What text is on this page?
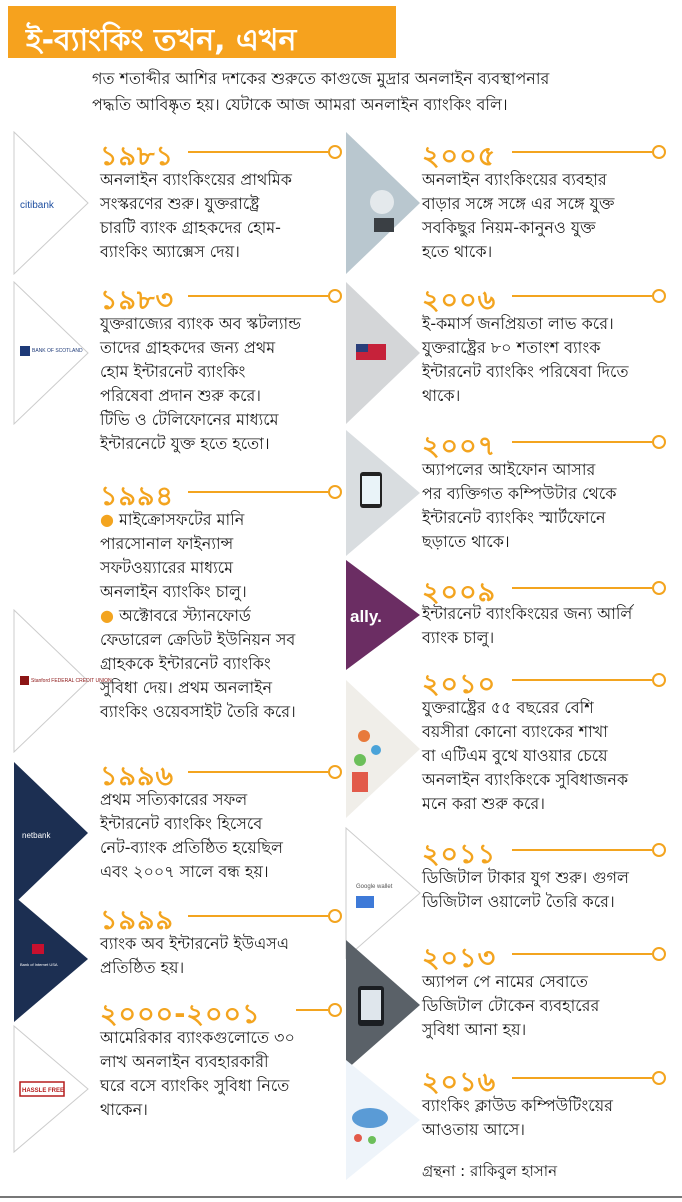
ই-ব্যাংকিং তখন, এখন
গত শতাব্দীর আশির দশকের শুরুতে কাগুজে মুদ্রার অনলাইন ব্যবস্থাপনার
পদ্ধতি আবিষ্কৃত হয়। যেটাকে আজ আমরা অনলাইন ব্যাংকিং বলি।
citibank
BANK OF SCOTLAND
Stanford FEDERAL CREDIT UNION
netbank
Bank of Internet USA
HASSLE FREE
ally.
Google wallet
১৯৮১
অনলাইন ব্যাংকিংয়ের প্রাথমিক
সংস্করণের শুরু। যুক্তরাষ্ট্রে
চারটি ব্যাংক গ্রাহকদের হোম-
ব্যাংকিং অ্যাক্সেস দেয়।
১৯৮৩
যুক্তরাজ্যের ব্যাংক অব স্কটল্যান্ড
তাদের গ্রাহকদের জন্য প্রথম
হোম ইন্টারনেট ব্যাংকিং
পরিষেবা প্রদান শুরু করে।
টিভি ও টেলিফোনের মাধ্যমে
ইন্টারনেটে যুক্ত হতে হতো।
১৯৯৪
● মাইক্রোসফটের মানি
পারসোনাল ফাইন্যান্স
সফটওয়্যারের মাধ্যমে
অনলাইন ব্যাংকিং চালু।
● অক্টোবরে স্ট্যানফোর্ড
ফেডারেল ক্রেডিট ইউনিয়ন সব
গ্রাহককে ইন্টারনেট ব্যাংকিং
সুবিধা দেয়। প্রথম অনলাইন
ব্যাংকিং ওয়েবসাইট তৈরি করে।
১৯৯৬
প্রথম সত্যিকারের সফল
ইন্টারনেট ব্যাংকিং হিসেবে
নেট-ব্যাংক প্রতিষ্ঠিত হয়েছিল
এবং ২০০৭ সালে বন্ধ হয়।
১৯৯৯
ব্যাংক অব ইন্টারনেট ইউএসএ
প্রতিষ্ঠিত হয়।
২০০০-২০০১
আমেরিকার ব্যাংকগুলোতে ৩০
লাখ অনলাইন ব্যবহারকারী
ঘরে বসে ব্যাংকিং সুবিধা নিতে
থাকেন।
২০০৫
অনলাইন ব্যাংকিংয়ের ব্যবহার
বাড়ার সঙ্গে সঙ্গে এর সঙ্গে যুক্ত
সবকিছুর নিয়ম-কানুনও যুক্ত
হতে থাকে।
২০০৬
ই-কমার্স জনপ্রিয়তা লাভ করে।
যুক্তরাষ্ট্রের ৮০ শতাংশ ব্যাংক
ইন্টারনেট ব্যাংকিং পরিষেবা দিতে
থাকে।
২০০৭
অ্যাপলের আইফোন আসার
পর ব্যক্তিগত কম্পিউটার থেকে
ইন্টারনেট ব্যাংকিং স্মার্টফোনে
ছড়াতে থাকে।
২০০৯
ইন্টারনেট ব্যাংকিংয়ের জন্য আর্লি
ব্যাংক চালু।
২০১০
যুক্তরাষ্ট্রের ৫৫ বছরের বেশি
বয়সীরা কোনো ব্যাংকের শাখা
বা এটিএম বুথে যাওয়ার চেয়ে
অনলাইন ব্যাংকিংকে সুবিধাজনক
মনে করা শুরু করে।
২০১১
ডিজিটাল টাকার যুগ শুরু। গুগল
ডিজিটাল ওয়ালেট তৈরি করে।
২০১৩
অ্যাপল পে নামের সেবাতে
ডিজিটাল টোকেন ব্যবহারের
সুবিধা আনা হয়।
২০১৬
ব্যাংকিং ক্লাউড কম্পিউটিংয়ের
আওতায় আসে।
গ্রন্থনা : রাকিবুল হাসান
